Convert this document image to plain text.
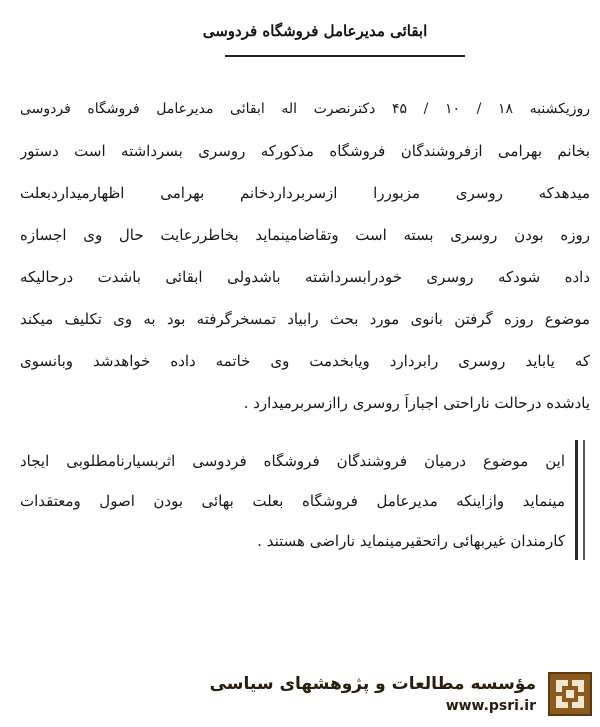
ابقائی مدیرعامل فروشگاه فردوسی
روزیکشنبه ۱۸ / ۱۰ / ۴۵ دکترنصرت اله ابقائی مدیرعامل فروشگاه فردوسی
بخانم بهرامی ازفروشندگان فروشگاه مذکورکه روسری بسرداشته است دستور
میدهدکه روسری مزبوررا ازسربرداردخانم بهرامی اظهارمیداردبعلت
روزه بودن روسری بسته است وتقاضامینماید بخاطررعایت حال وی اجسازه
داده شودکه روسری خودرابسرداشته باشدولی ابقائی باشدت درحالیکه
موضوع روزه گرفتن بانوی مورد بحث رابیاد تمسخرگرفته بود به وی تکلیف میکند
که یاباید روسری رابردارد ویابخدمت وی خاتمه داده خواهدشد وبانسوی
یادشده درحالت ناراحتی اجباراً روسری راازسربرمیدارد .
این موضوع درمیان فروشندگان فروشگاه فردوسی اثربسیارنامطلوبی ایجاد
مینماید وازاینکه مدیرعامل فروشگاه بعلت بهائی بودن اصول ومعتقدات
کارمندان غیربهائی راتحقیرمینماید ناراضی هستند .
مؤسسه مطالعات و پژوهشهای سیاسی
www.psri.ir
